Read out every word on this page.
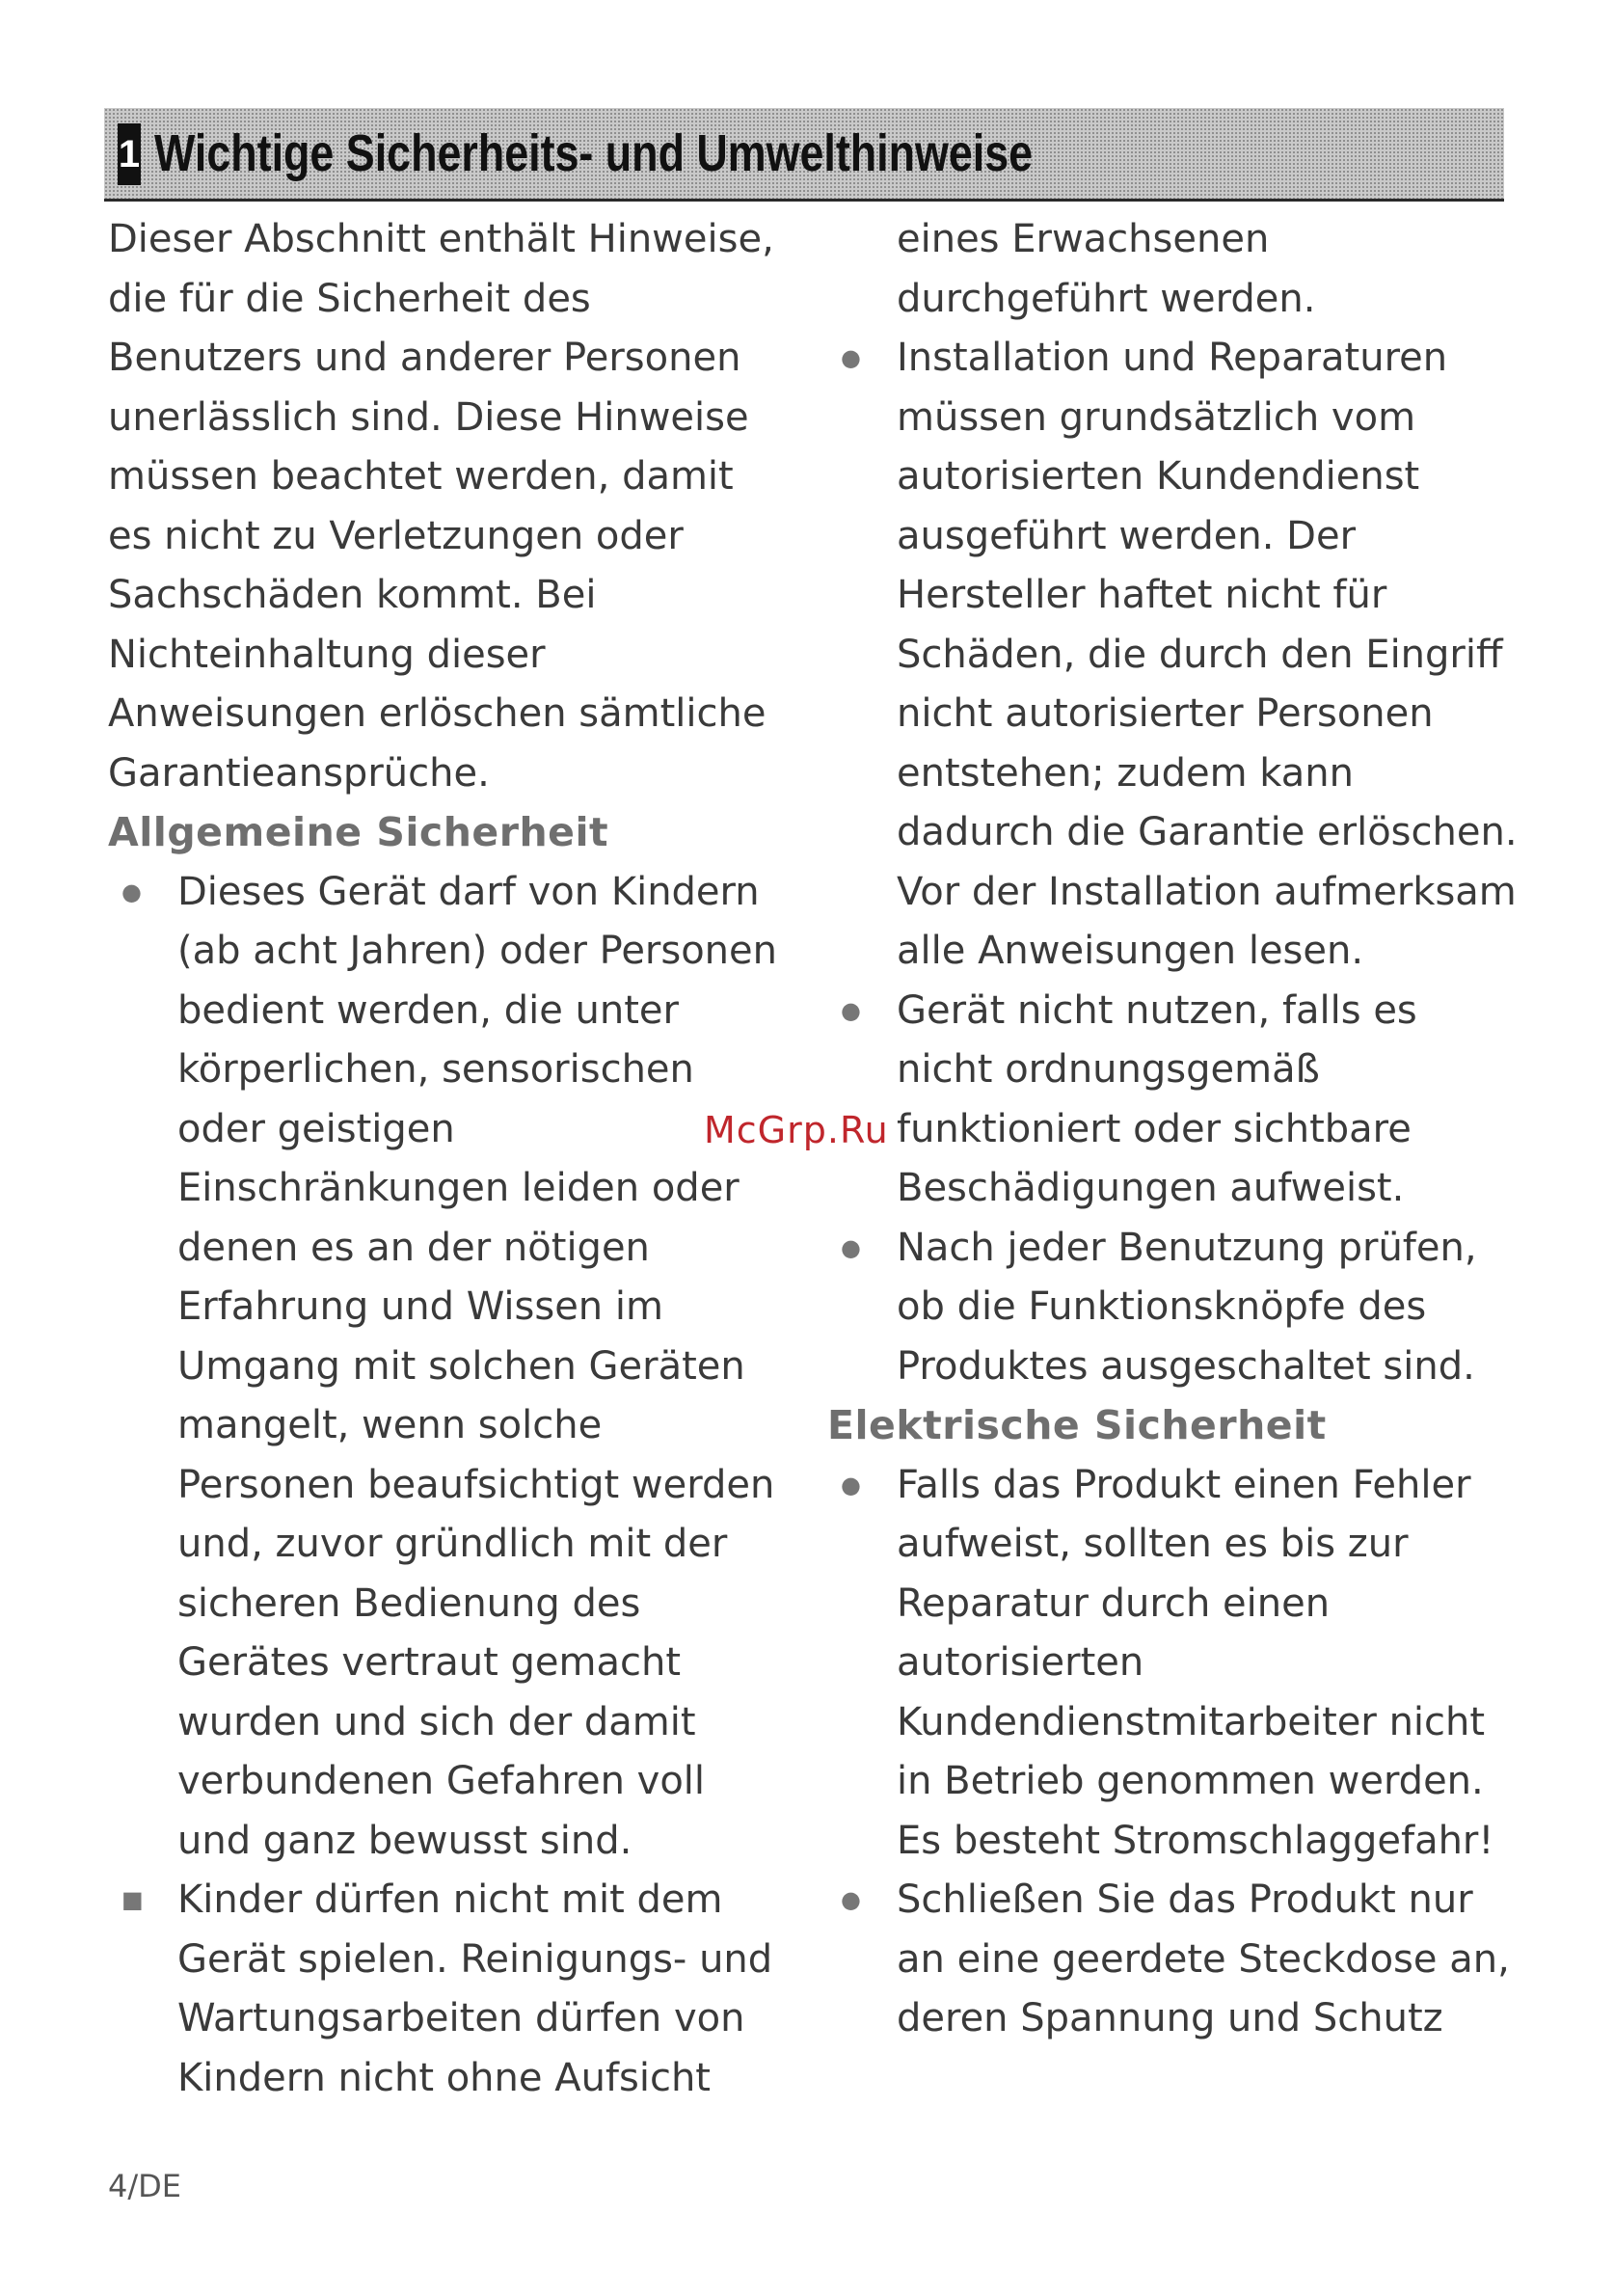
1 Wichtige Sicherheits- und Umwelthinweise

Dieser Abschnitt enthält Hinweise, die für die Sicherheit des Benutzers und anderer Personen unerlässlich sind. Diese Hinweise müssen beachtet werden, damit es nicht zu Verletzungen oder Sachschäden kommt. Bei Nichteinhaltung dieser Anweisungen erlöschen sämtliche Garantieansprüche.

Allgemeine Sicherheit

● Dieses Gerät darf von Kindern (ab acht Jahren) oder Personen bedient werden, die unter körperlichen, sensorischen oder geistigen Einschränkungen leiden oder denen es an der nötigen Erfahrung und Wissen im Umgang mit solchen Geräten mangelt, wenn solche Personen beaufsichtigt werden und, zuvor gründlich mit der sicheren Bedienung des Gerätes vertraut gemacht wurden und sich der damit verbundenen Gefahren voll und ganz bewusst sind.
■ Kinder dürfen nicht mit dem Gerät spielen. Reinigungs- und Wartungsarbeiten dürfen von Kindern nicht ohne Aufsicht

eines Erwachsenen durchgeführt werden.

● Installation und Reparaturen müssen grundsätzlich vom autorisierten Kundendienst ausgeführt werden. Der Hersteller haftet nicht für Schäden, die durch den Eingriff nicht autorisierter Personen entstehen; zudem kann dadurch die Garantie erlöschen. Vor der Installation aufmerksam alle Anweisungen lesen.
● Gerät nicht nutzen, falls es nicht ordnungsgemäß funktioniert oder sichtbare Beschädigungen aufweist.
● Nach jeder Benutzung prüfen, ob die Funktionsknöpfe des Produktes ausgeschaltet sind.

Elektrische Sicherheit

● Falls das Produkt einen Fehler aufweist, sollten es bis zur Reparatur durch einen autorisierten Kundendienstmitarbeiter nicht in Betrieb genommen werden. Es besteht Stromschlaggefahr!
● Schließen Sie das Produkt nur an eine geerdete Steckdose an, deren Spannung und Schutz
McGrp.Ru
4/DE
